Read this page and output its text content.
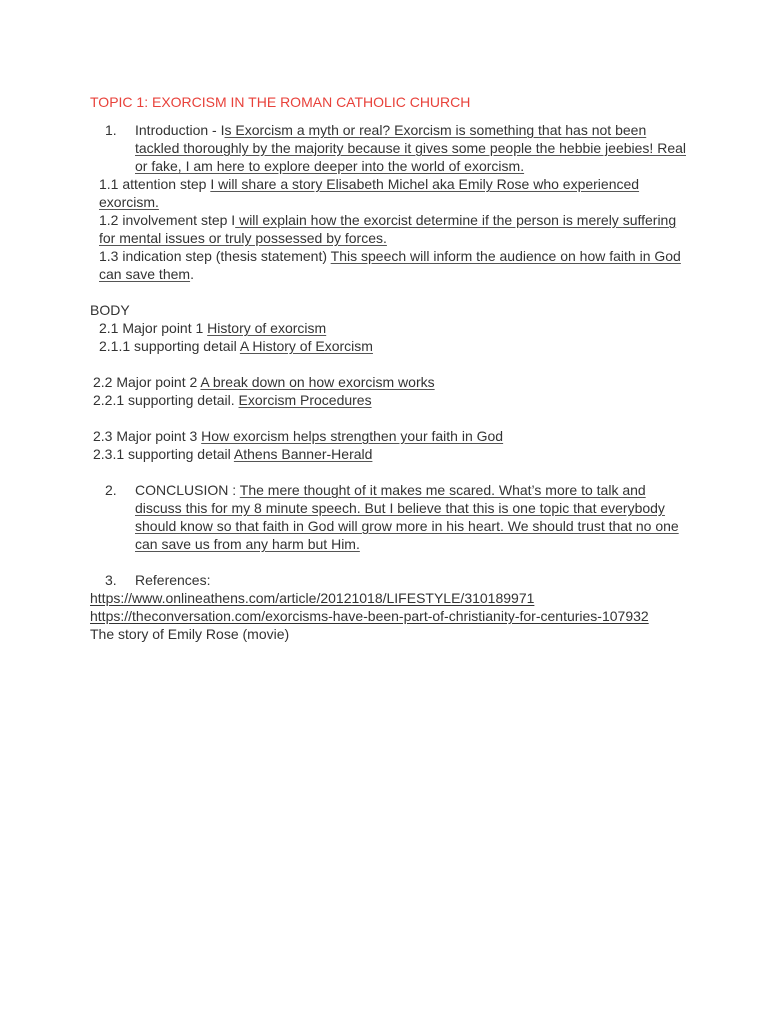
TOPIC 1: EXORCISM IN THE ROMAN CATHOLIC CHURCH
1.	Introduction - Is Exorcism a myth or real? Exorcism is something that has not been tackled thoroughly by the majority because it gives some people the hebbie jeebies! Real or fake, I am here to explore deeper into the world of exorcism.
1.1 attention step I will share a story Elisabeth Michel aka Emily Rose who experienced exorcism.
1.2 involvement step I will explain how the exorcist determine if the person is merely suffering for mental issues or truly possessed by forces.
1.3 indication step (thesis statement) This speech will inform the audience on how faith in God can save them.
BODY
2.1 Major point 1 History of exorcism
2.1.1 supporting detail A History of Exorcism
2.2 Major point 2 A break down on how exorcism works
2.2.1 supporting detail. Exorcism Procedures
2.3 Major point 3 How exorcism helps strengthen your faith in God
2.3.1 supporting detail Athens Banner-Herald
2.	CONCLUSION : The mere thought of it makes me scared. What’s more to talk and discuss this for my 8 minute speech. But I believe that this is one topic that everybody should know so that faith in God will grow more in his heart. We should trust that no one can save us from any harm but Him.
3.	References:
https://www.onlineathens.com/article/20121018/LIFESTYLE/310189971
https://theconversation.com/exorcisms-have-been-part-of-christianity-for-centuries-107932
The story of Emily Rose (movie)
